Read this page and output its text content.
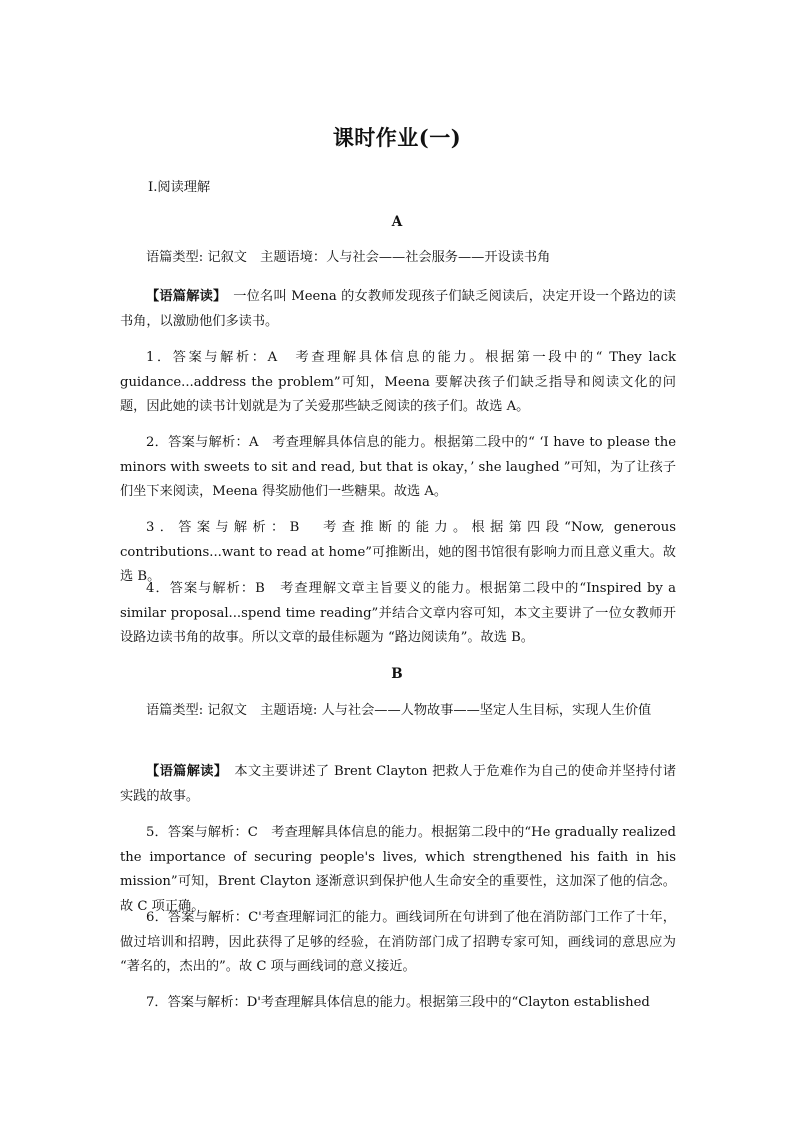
课时作业(一)

Ⅰ.阅读理解

A

语篇类型: 记叙文　主题语境：人与社会——社会服务——开设读书角

【语篇解读】　 一位名叫 Meena 的女教师发现孩子们缺乏阅读后，决定开设一个路边的读书角，以激励他们多读书。

1．答案与解析：A　考查理解具体信息的能力。根据第一段中的“ They lack guidance...address the problem”可知，Meena 要解决孩子们缺乏指导和阅读文化的问题，因此她的读书计划就是为了关爱那些缺乏阅读的孩子们。故选 A。

2．答案与解析：A　考查理解具体信息的能力。根据第二段中的“ ‘I have to please the minors with sweets to sit and read, but that is okay，’ she laughed ”可知，为了让孩子们坐下来阅读，Meena 得奖励他们一些糖果。故选 A。

3．答案与解析：B　考查推断的能力。根据第四段“Now, generous contributions...want to read at home”可推断出，她的图书馆很有影响力而且意义重大。故选 B。

4．答案与解析：B　考查理解文章主旨要义的能力。根据第二段中的“Inspired by a similar proposal...spend time reading”并结合文章内容可知，本文主要讲了一位女教师开设路边读书角的故事。所以文章的最佳标题为 “路边阅读角”。故选 B。

B

语篇类型: 记叙文　主题语境: 人与社会——人物故事——坚定人生目标，实现人生价值

【语篇解读】　 本文主要讲述了 Brent Clayton 把救人于危难作为自己的使命并坚持付诸实践的故事。

5．答案与解析：C　考查理解具体信息的能力。根据第二段中的“He gradually realized the importance of securing people's lives, which strengthened his faith in his mission”可知，Brent Clayton 逐渐意识到保护他人生命安全的重要性，这加深了他的信念。故 C 项正确。

6．答案与解析：C'考查理解词汇的能力。画线词所在句讲到了他在消防部门工作了十年，做过培训和招聘，因此获得了足够的经验，在消防部门成了招聘专家可知，画线词的意思应为 “著名的，杰出的”。故 C 项与画线词的意义接近。

7．答案与解析：D'考查理解具体信息的能力。根据第三段中的“Clayton established
